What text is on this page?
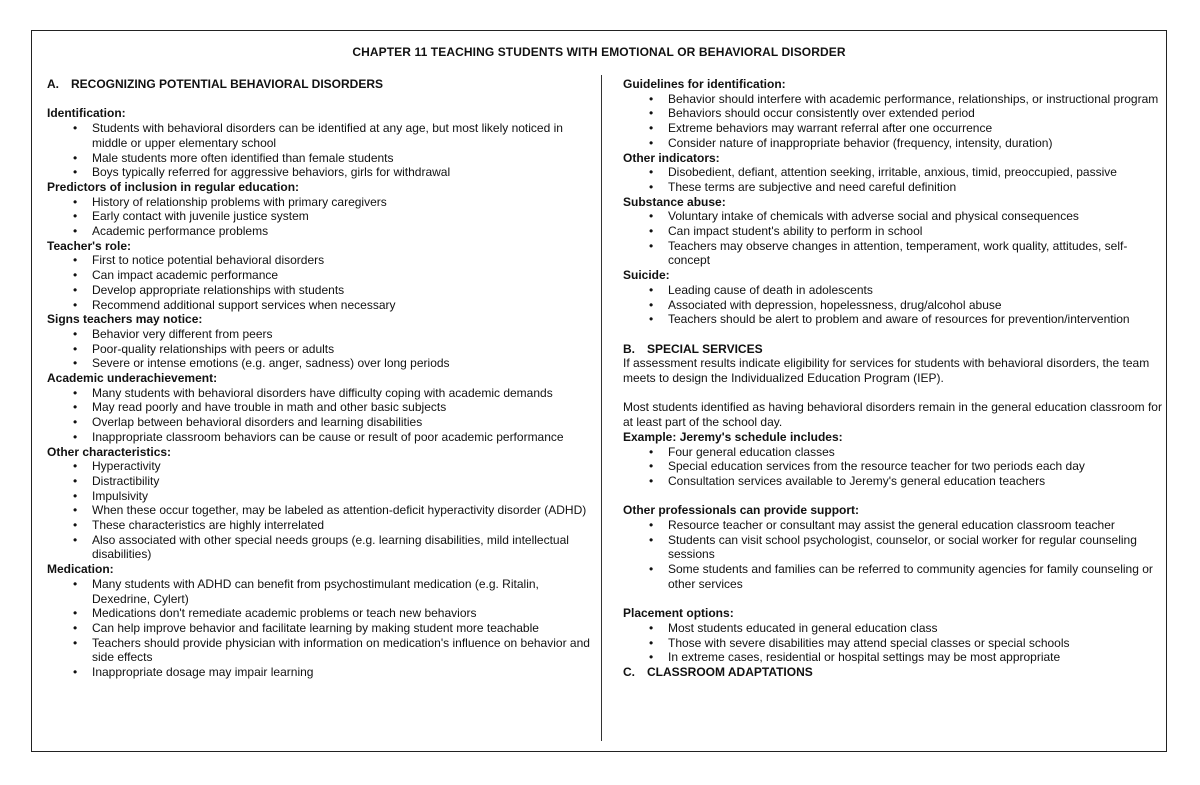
CHAPTER 11 TEACHING STUDENTS WITH EMOTIONAL OR BEHAVIORAL DISORDER
A. RECOGNIZING POTENTIAL BEHAVIORAL DISORDERS
Identification:
• Students with behavioral disorders can be identified at any age, but most likely noticed in middle or upper elementary school
• Male students more often identified than female students
• Boys typically referred for aggressive behaviors, girls for withdrawal
Predictors of inclusion in regular education:
• History of relationship problems with primary caregivers
• Early contact with juvenile justice system
• Academic performance problems
Teacher's role:
• First to notice potential behavioral disorders
• Can impact academic performance
• Develop appropriate relationships with students
• Recommend additional support services when necessary
Signs teachers may notice:
• Behavior very different from peers
• Poor-quality relationships with peers or adults
• Severe or intense emotions (e.g. anger, sadness) over long periods
Academic underachievement:
• Many students with behavioral disorders have difficulty coping with academic demands
• May read poorly and have trouble in math and other basic subjects
• Overlap between behavioral disorders and learning disabilities
• Inappropriate classroom behaviors can be cause or result of poor academic performance
Other characteristics:
• Hyperactivity
• Distractibility
• Impulsivity
• When these occur together, may be labeled as attention-deficit hyperactivity disorder (ADHD)
• These characteristics are highly interrelated
• Also associated with other special needs groups (e.g. learning disabilities, mild intellectual disabilities)
Medication:
• Many students with ADHD can benefit from psychostimulant medication (e.g. Ritalin, Dexedrine, Cylert)
• Medications don't remediate academic problems or teach new behaviors
• Can help improve behavior and facilitate learning by making student more teachable
• Teachers should provide physician with information on medication's influence on behavior and side effects
• Inappropriate dosage may impair learning
Guidelines for identification:
• Behavior should interfere with academic performance, relationships, or instructional program
• Behaviors should occur consistently over extended period
• Extreme behaviors may warrant referral after one occurrence
• Consider nature of inappropriate behavior (frequency, intensity, duration)
Other indicators:
• Disobedient, defiant, attention seeking, irritable, anxious, timid, preoccupied, passive
• These terms are subjective and need careful definition
Substance abuse:
• Voluntary intake of chemicals with adverse social and physical consequences
• Can impact student's ability to perform in school
• Teachers may observe changes in attention, temperament, work quality, attitudes, self-concept
Suicide:
• Leading cause of death in adolescents
• Associated with depression, hopelessness, drug/alcohol abuse
• Teachers should be alert to problem and aware of resources for prevention/intervention
B. SPECIAL SERVICES

If assessment results indicate eligibility for services for students with behavioral disorders, the team meets to design the Individualized Education Program (IEP).

Most students identified as having behavioral disorders remain in the general education classroom for at least part of the school day.

Example: Jeremy's schedule includes:
• Four general education classes
• Special education services from the resource teacher for two periods each day
• Consultation services available to Jeremy's general education teachers
Other professionals can provide support:
• Resource teacher or consultant may assist the general education classroom teacher
• Students can visit school psychologist, counselor, or social worker for regular counseling sessions
• Some students and families can be referred to community agencies for family counseling or other services
Placement options:
• Most students educated in general education class
• Those with severe disabilities may attend special classes or special schools
• In extreme cases, residential or hospital settings may be most appropriate
C. CLASSROOM ADAPTATIONS
